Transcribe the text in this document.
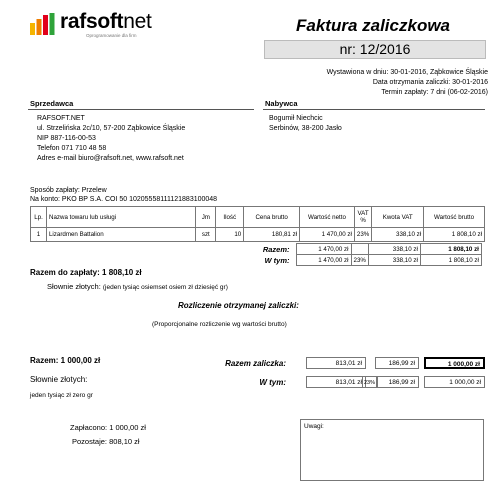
rafsoftnet
Oprogramowanie dla firm
Faktura zaliczkowa
nr: 12/2016
Wystawiona w dniu: 30-01-2016, Ząbkowice Śląskie
Data otrzymania zaliczki: 30-01-2016
Termin zapłaty: 7 dni (06-02-2016)
Sprzedawca	Nabywca
RAFSOFT.NET
ul. Strzelińska 2c/10, 57-200 Ząbkowice Śląskie
NIP 887-116-00-53
Telefon 071 710 48 58
Adres e-mail biuro@rafsoft.net, www.rafsoft.net
Bogumił Niechcic
Serbinów, 38-200 Jasło
Sposób zapłaty: Przelew
Na konto: PKO BP S.A. COI 50 10205558111121883100048
Lp.	Nazwa towaru lub usługi	Jm	Ilość	Cena brutto	Wartość netto	VAT %	Kwota VAT	Wartość brutto
1	Lizardmen Battalion	szt	10	180,81 zł	1 470,00 zł	23%	338,10 zł	1 808,10 zł
Razem:	1 470,00 zł		338,10 zł	1 808,10 zł
W tym:	1 470,00 zł	23%	338,10 zł	1 808,10 zł
Razem do zapłaty: 1 808,10 zł
Słownie złotych: (jeden tysiąc osiemset osiem zł dziesięć gr)
Rozliczenie otrzymanej zaliczki:
(Proporcjonalne rozliczenie wg wartości brutto)
Razem: 1 000,00 zł
Słownie złotych:
jeden tysiąc zł zero gr
Razem zaliczka:	813,01 zł	186,99 zł	1 000,00 zł
W tym:	813,01 zł 23%	186,99 zł	1 000,00 zł
Zapłacono: 1 000,00 zł
Pozostaje: 808,10 zł
Uwagi:
